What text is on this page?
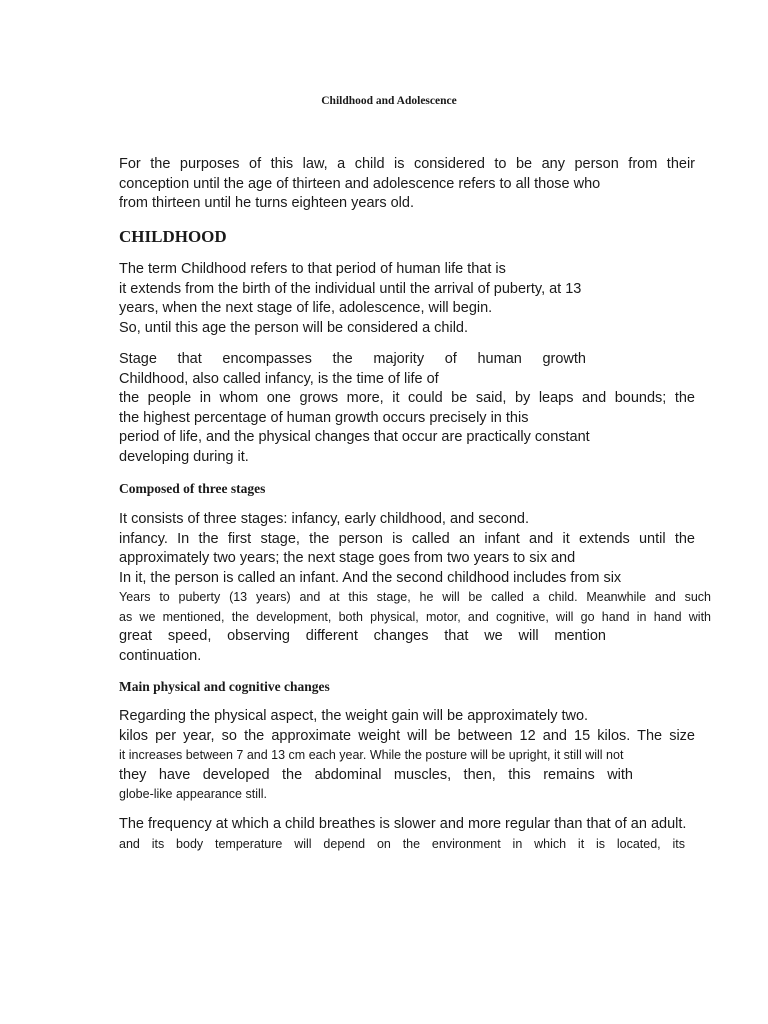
Childhood and Adolescence
For the purposes of this law, a child is considered to be any person from their
conception until the age of thirteen and adolescence refers to all those who
from thirteen until he turns eighteen years old.
CHILDHOOD
The term Childhood refers to that period of human life that is
it extends from the birth of the individual until the arrival of puberty, at 13
years, when the next stage of life, adolescence, will begin.
So, until this age the person will be considered a child.
Stage that encompasses the majority of human growth
Childhood, also called infancy, is the time of life of
the people in whom one grows more, it could be said, by leaps and bounds; the
the highest percentage of human growth occurs precisely in this
period of life, and the physical changes that occur are practically constant
developing during it.
Composed of three stages
It consists of three stages: infancy, early childhood, and second.
infancy. In the first stage, the person is called an infant and it extends until the
approximately two years; the next stage goes from two years to six and
In it, the person is called an infant. And the second childhood includes from six
Years to puberty (13 years) and at this stage, he will be called a child. Meanwhile and such
as we mentioned, the development, both physical, motor, and cognitive, will go hand in hand with
great speed, observing different changes that we will mention
continuation.
Main physical and cognitive changes
Regarding the physical aspect, the weight gain will be approximately two.
kilos per year, so the approximate weight will be between 12 and 15 kilos. The size
it increases between 7 and 13 cm each year. While the posture will be upright, it still will not
they have developed the abdominal muscles, then, this remains with
globe-like appearance still.
The frequency at which a child breathes is slower and more regular than that of an adult.
and its body temperature will depend on the environment in which it is located, its
